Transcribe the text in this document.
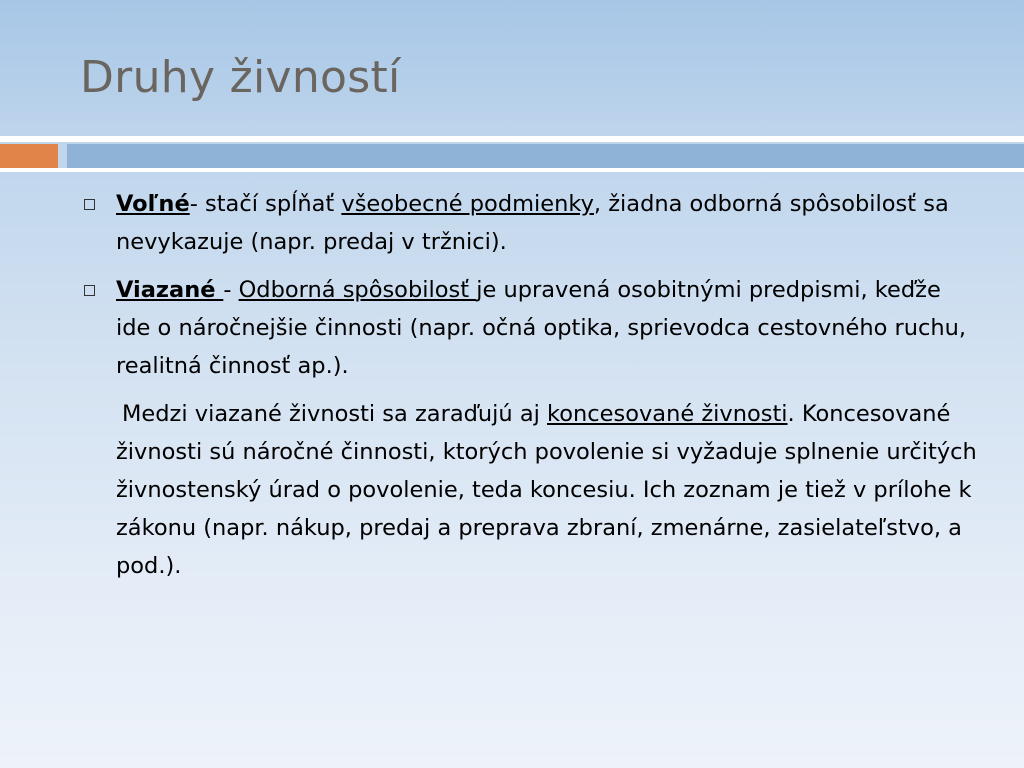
Druhy živností
Voľné- stačí spĺňať všeobecné podmienky, žiadna odborná spôsobilosť sa nevykazuje (napr. predaj v tržnici).
Viazané - Odborná spôsobilosť je upravená osobitnými predpismi, keďže ide o náročnejšie činnosti (napr. očná optika, sprievodca cestovného ruchu, realitná činnosť ap.).
Medzi viazané živnosti sa zaraďujú aj koncesované živnosti. Koncesované živnosti sú náročné činnosti, ktorých povolenie si vyžaduje splnenie určitých živnostenský úrad o povolenie, teda koncesiu. Ich zoznam je tiež v prílohe k zákonu (napr. nákup, predaj a preprava zbraní, zmenárne, zasielateľstvo, a pod.).
